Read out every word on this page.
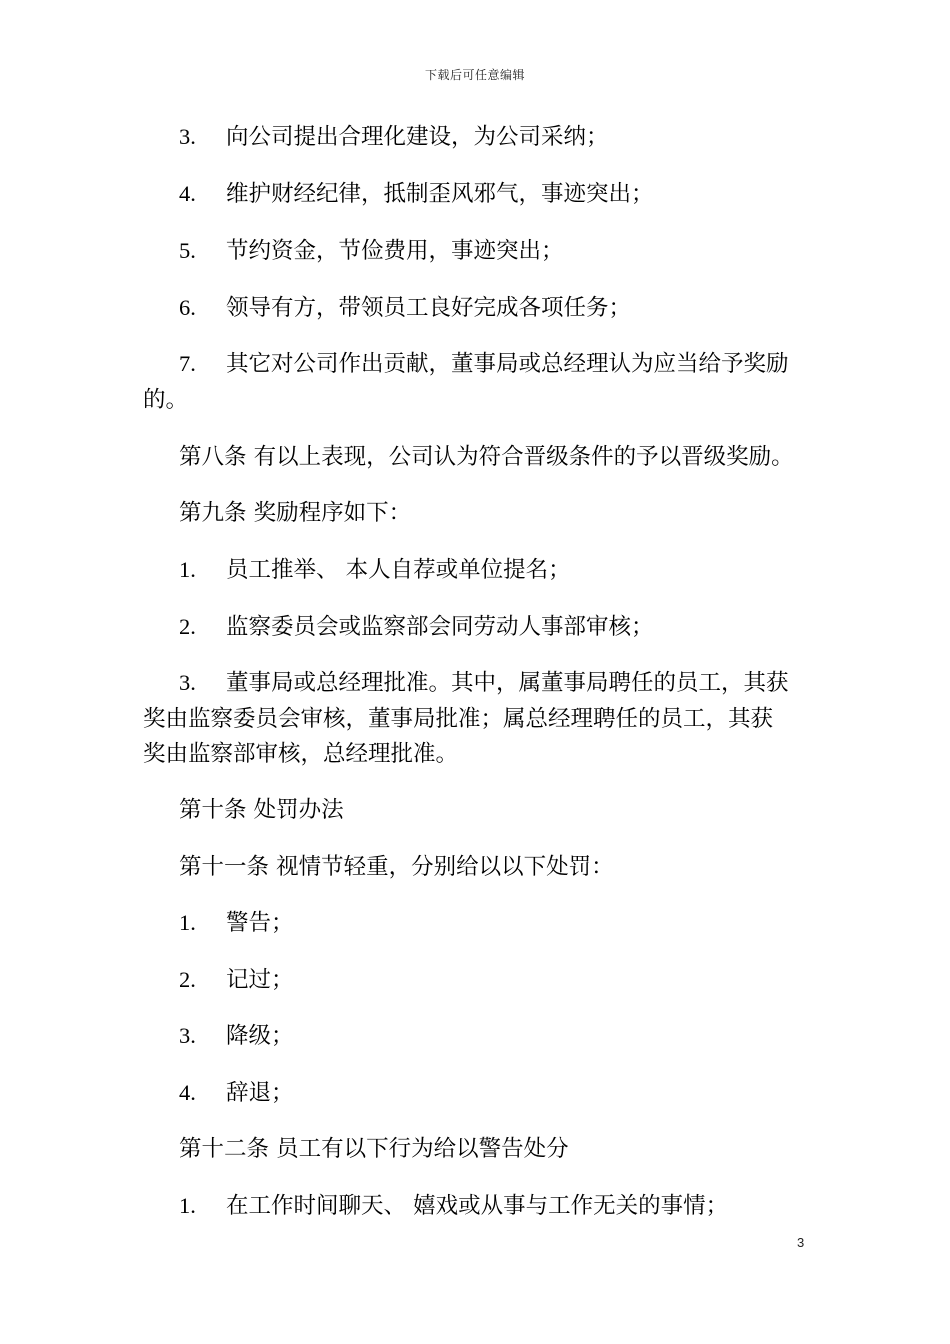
下载后可任意编辑
3. 向公司提出合理化建设，为公司采纳；
4. 维护财经纪律，抵制歪风邪气，事迹突出；
5. 节约资金，节俭费用，事迹突出；
6. 领导有方，带领员工良好完成各项任务；
7. 其它对公司作出贡献，董事局或总经理认为应当给予奖励
的。
第八条 有以上表现，公司认为符合晋级条件的予以晋级奖励。
第九条 奖励程序如下：
1. 员工推举、 本人自荐或单位提名；
2. 监察委员会或监察部会同劳动人事部审核；
3. 董事局或总经理批准。其中，属董事局聘任的员工，其获
奖由监察委员会审核，董事局批准；属总经理聘任的员工，其获
奖由监察部审核，总经理批准。
第十条 处罚办法
第十一条 视情节轻重，分别给以以下处罚：
1. 警告；
2. 记过；
3. 降级；
4. 辞退；
第十二条 员工有以下行为给以警告处分
1. 在工作时间聊天、 嬉戏或从事与工作无关的事情；
3
